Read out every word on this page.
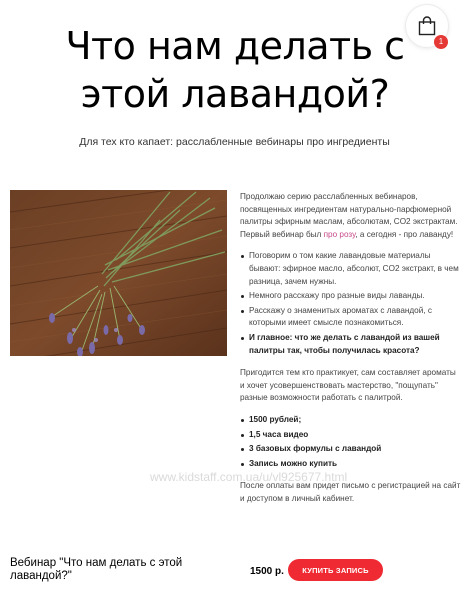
1
Что нам делать с этой лавандой?
Для тех кто капает: расслабленные вебинары про ингредиенты

Продолжаю серию расслабленных вебинаров, посвященных ингредиентам натурально-парфюмерной палитры эфирным маслам, абсолютам, CO2 экстрактам. Первый вебинар был про розу, а сегодня - про лаванду!

Поговорим о том какие лавандовые материалы бывают: эфирное масло, абсолют, CO2 экстракт, в чем разница, зачем нужны.
Немного расскажу про разные виды лаванды.
Расскажу о знаменитых ароматах с лавандой, с которыми имеет смысле познакомиться.
И главное: что же делать с лавандой из вашей палитры так, чтобы получилась красота?

Пригодится тем кто практикует, сам составляет ароматы и хочет усовершенствовать мастерство, "пощупать" разные возможности работать с палитрой.

1500 рублей;
1,5 часа видео
3 базовых формулы с лавандой
Запись можно купить

После оплаты вам придет письмо с регистрацией на сайт и доступом в личный кабинет.

www.kidstaff.com.ua/u/vl925677.html
Вебинар "Что нам делать с этой лавандой?"	1500 р.	КУПИТЬ ЗАПИСЬ
